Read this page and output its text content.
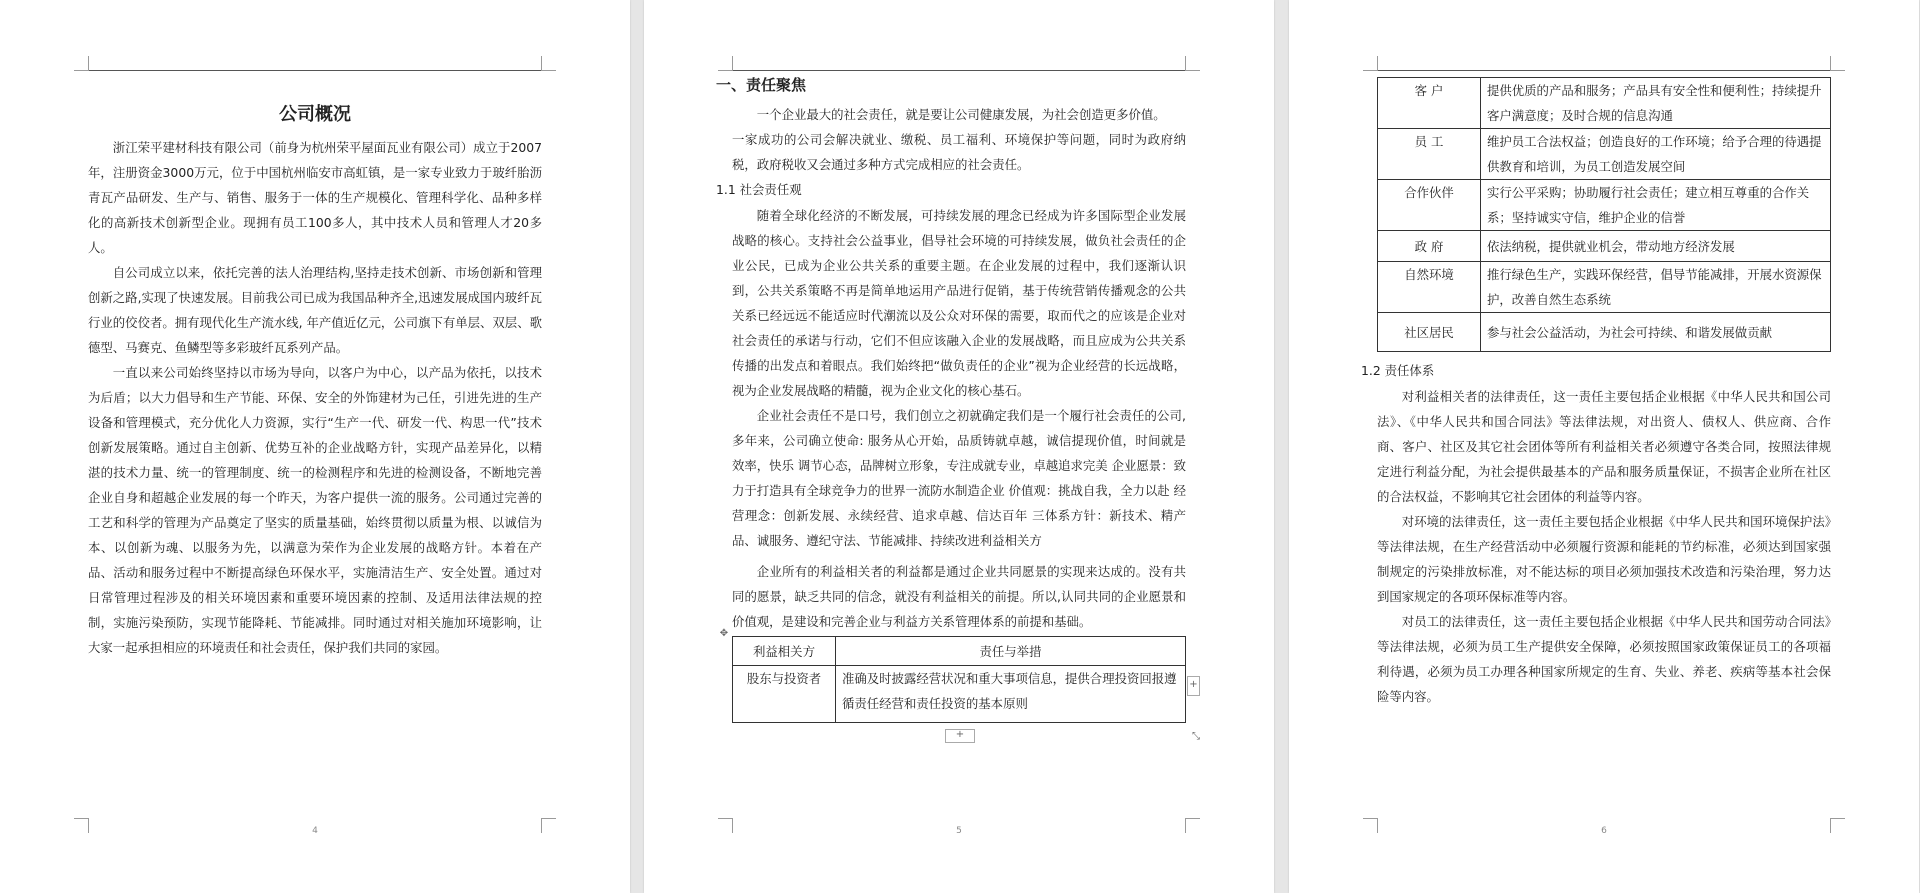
公司概况

浙江荣平建材科技有限公司（前身为杭州荣平屋面瓦业有限公司）成立于2007年，注册资金3000万元，位于中国杭州临安市高虹镇，是一家专业致力于玻纤胎沥青瓦产品研发、生产与、销售、服务于一体的生产规模化、管理科学化、品种多样化的高新技术创新型企业。现拥有员工100多人，其中技术人员和管理人才20多人。

自公司成立以来，依托完善的法人治理结构,坚持走技术创新、市场创新和管理创新之路,实现了快速发展。目前我公司已成为我国品种齐全,迅速发展成国内玻纤瓦行业的佼佼者。拥有现代化生产流水线, 年产值近亿元，公司旗下有单层、双层、歌德型、马赛克、鱼鳞型等多彩玻纤瓦系列产品。

一直以来公司始终坚持以市场为导向，以客户为中心，以产品为依托，以技术为后盾；以大力倡导和生产节能、环保、安全的外饰建材为己任，引进先进的生产设备和管理模式，充分优化人力资源，实行“生产一代、研发一代、构思一代”技术创新发展策略。通过自主创新、优势互补的企业战略方针，实现产品差异化，以精湛的技术力量、统一的管理制度、统一的检测程序和先进的检测设备，不断地完善企业自身和超越企业发展的每一个昨天，为客户提供一流的服务。公司通过完善的工艺和科学的管理为产品奠定了坚实的质量基础，始终贯彻以质量为根、以诚信为本、以创新为魂、以服务为先，以满意为荣作为企业发展的战略方针。本着在产品、活动和服务过程中不断提高绿色环保水平，实施清洁生产、安全处置。通过对日常管理过程涉及的相关环境因素和重要环境因素的控制、及适用法律法规的控制，实施污染预防，实现节能降耗、节能减排。同时通过对相关施加环境影响，让大家一起承担相应的环境责任和社会责任，保护我们共同的家园。

4
一、责任聚焦

一个企业最大的社会责任，就是要让公司健康发展，为社会创造更多价值。

一家成功的公司会解决就业、缴税、员工福利、环境保护等问题，同时为政府纳税，政府税收又会通过多种方式完成相应的社会责任。

1.1 社会责任观

随着全球化经济的不断发展，可持续发展的理念已经成为许多国际型企业发展战略的核心。支持社会公益事业，倡导社会环境的可持续发展，做负社会责任的企业公民，已成为企业公共关系的重要主题。在企业发展的过程中，我们逐渐认识到，公共关系策略不再是简单地运用产品进行促销，基于传统营销传播观念的公共关系已经远远不能适应时代潮流以及公众对环保的需要，取而代之的应该是企业对社会责任的承诺与行动，它们不但应该融入企业的发展战略，而且应成为公共关系传播的出发点和着眼点。我们始终把“做负责任的企业”视为企业经营的长远战略，视为企业发展战略的精髓，视为企业文化的核心基石。

企业社会责任不是口号，我们创立之初就确定我们是一个履行社会责任的公司,多年来，公司确立使命: 服务从心开始，品质铸就卓越，诚信提现价值，时间就是效率，快乐 调节心态，品牌树立形象，专注成就专业，卓越追求完美 企业愿景：致力于打造具有全球竞争力的世界一流防水制造企业 价值观：挑战自我，全力以赴 经营理念：创新发展、永续经营、追求卓越、信达百年 三体系方针：新技术、精产品、诚服务、遵纪守法、节能减排、持续改进利益相关方

企业所有的利益相关者的利益都是通过企业共同愿景的实现来达成的。没有共同的愿景，缺乏共同的信念，就没有利益相关的前提。所以,认同共同的企业愿景和价值观，是建设和完善企业与利益方关系管理体系的前提和基础。

✥
利益相关方	责任与举措
股东与投资者	准确及时披露经营状况和重大事项信息，提供合理投资回报遵循责任经营和责任投资的基本原则
+
+	⤡
5
客 户	提供优质的产品和服务；产品具有安全性和便利性；持续提升客户满意度；及时合规的信息沟通
员 工	维护员工合法权益；创造良好的工作环境；给予合理的待遇提供教育和培训，为员工创造发展空间
合作伙伴	实行公平采购；协助履行社会责任；建立相互尊重的合作关系；坚持诚实守信，维护企业的信誉
政 府	依法纳税，提供就业机会，带动地方经济发展
自然环境	推行绿色生产，实践环保经营，倡导节能减排，开展水资源保护，改善自然生态系统
社区居民	参与社会公益活动，为社会可持续、和谐发展做贡献
1.2 责任体系

对利益相关者的法律责任，这一责任主要包括企业根据《中华人民共和国公司法》、《中华人民共和国合同法》等法律法规，对出资人、债权人、供应商、合作商、客户、社区及其它社会团体等所有利益相关者必须遵守各类合同，按照法律规定进行利益分配，为社会提供最基本的产品和服务质量保证，不损害企业所在社区的合法权益，不影响其它社会团体的利益等内容。

对环境的法律责任，这一责任主要包括企业根据《中华人民共和国环境保护法》等法律法规，在生产经营活动中必须履行资源和能耗的节约标准，必须达到国家强制规定的污染排放标准，对不能达标的项目必须加强技术改造和污染治理，努力达到国家规定的各项环保标准等内容。

对员工的法律责任，这一责任主要包括企业根据《中华人民共和国劳动合同法》等法律法规，必须为员工生产提供安全保障，必须按照国家政策保证员工的各项福利待遇，必须为员工办理各种国家所规定的生育、失业、养老、疾病等基本社会保险等内容。

6
